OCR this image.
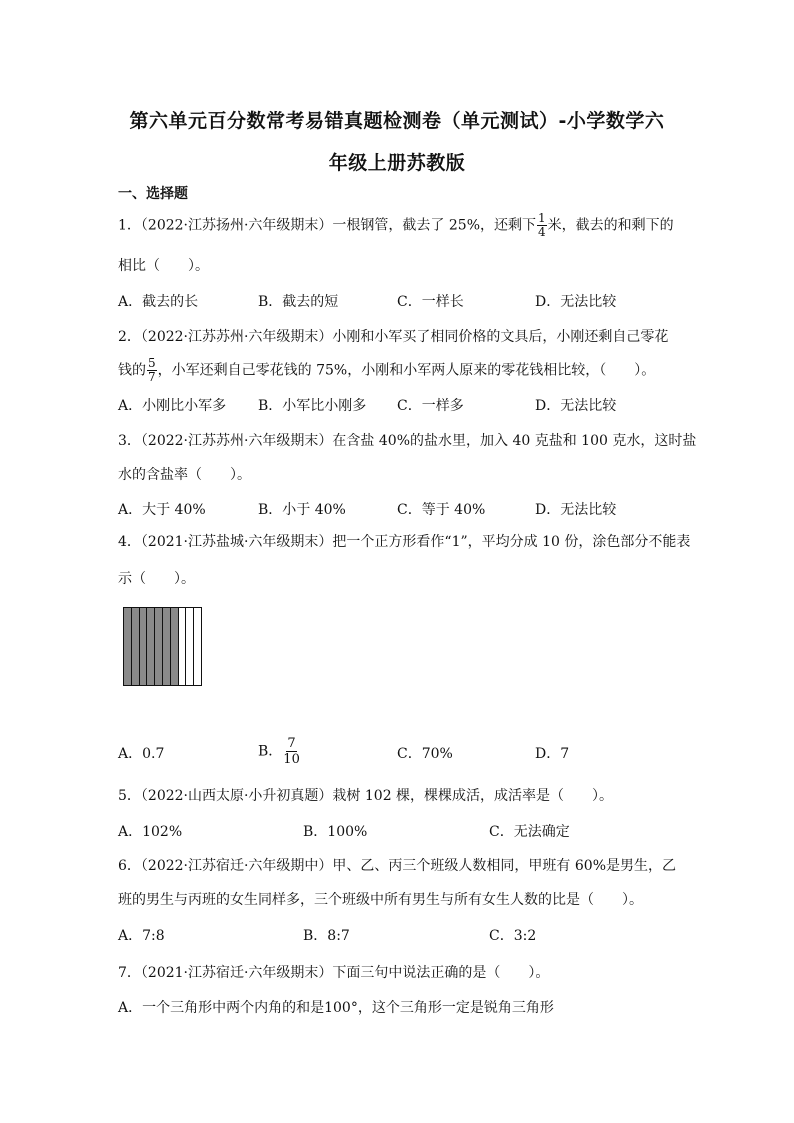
第六单元百分数常考易错真题检测卷（单元测试）-小学数学六
年级上册苏教版
一、选择题
1．（2022·江苏扬州·六年级期末）一根钢管，截去了 25%，还剩下 $\frac{1}{4}$ 米，截去的和剩下的
相比（　　）。
A．截去的长	B．截去的短	C．一样长	D．无法比较
2．（2022·江苏苏州·六年级期末）小刚和小军买了相同价格的文具后，小刚还剩自己零花
钱的 $\frac{5}{7}$ ，小军还剩自己零花钱的 75%，小刚和小军两人原来的零花钱相比较，（　　）。
A．小刚比小军多 B．小军比小刚多 C．一样多	D．无法比较
3．（2022·江苏苏州·六年级期末）在含盐 40%的盐水里，加入 40 克盐和 100 克水，这时盐
水的含盐率（　　）。
A．大于 40%	B．小于 40%	C．等于 40%	D．无法比较
4．（2021·江苏盐城·六年级期末）把一个正方形看作“1”，平均分成 10 份，涂色部分不能表
示（　　）。
A．0.7	B． $\frac{7}{10}$	C．70%	D．7
5．（2022·山西太原·小升初真题）栽树 102 棵，棵棵成活，成活率是（　　）。
A．102%	B．100%	C．无法确定
6．（2022·江苏宿迁·六年级期中）甲、乙、丙三个班级人数相同，甲班有 60%是男生，乙
班的男生与丙班的女生同样多，三个班级中所有男生与所有女生人数的比是（　　）。
A．7:8	B．8:7	C．3:2
7．（2021·江苏宿迁·六年级期末）下面三句中说法正确的是（　　）。
A．一个三角形中两个内角的和是100°，这个三角形一定是锐角三角形
